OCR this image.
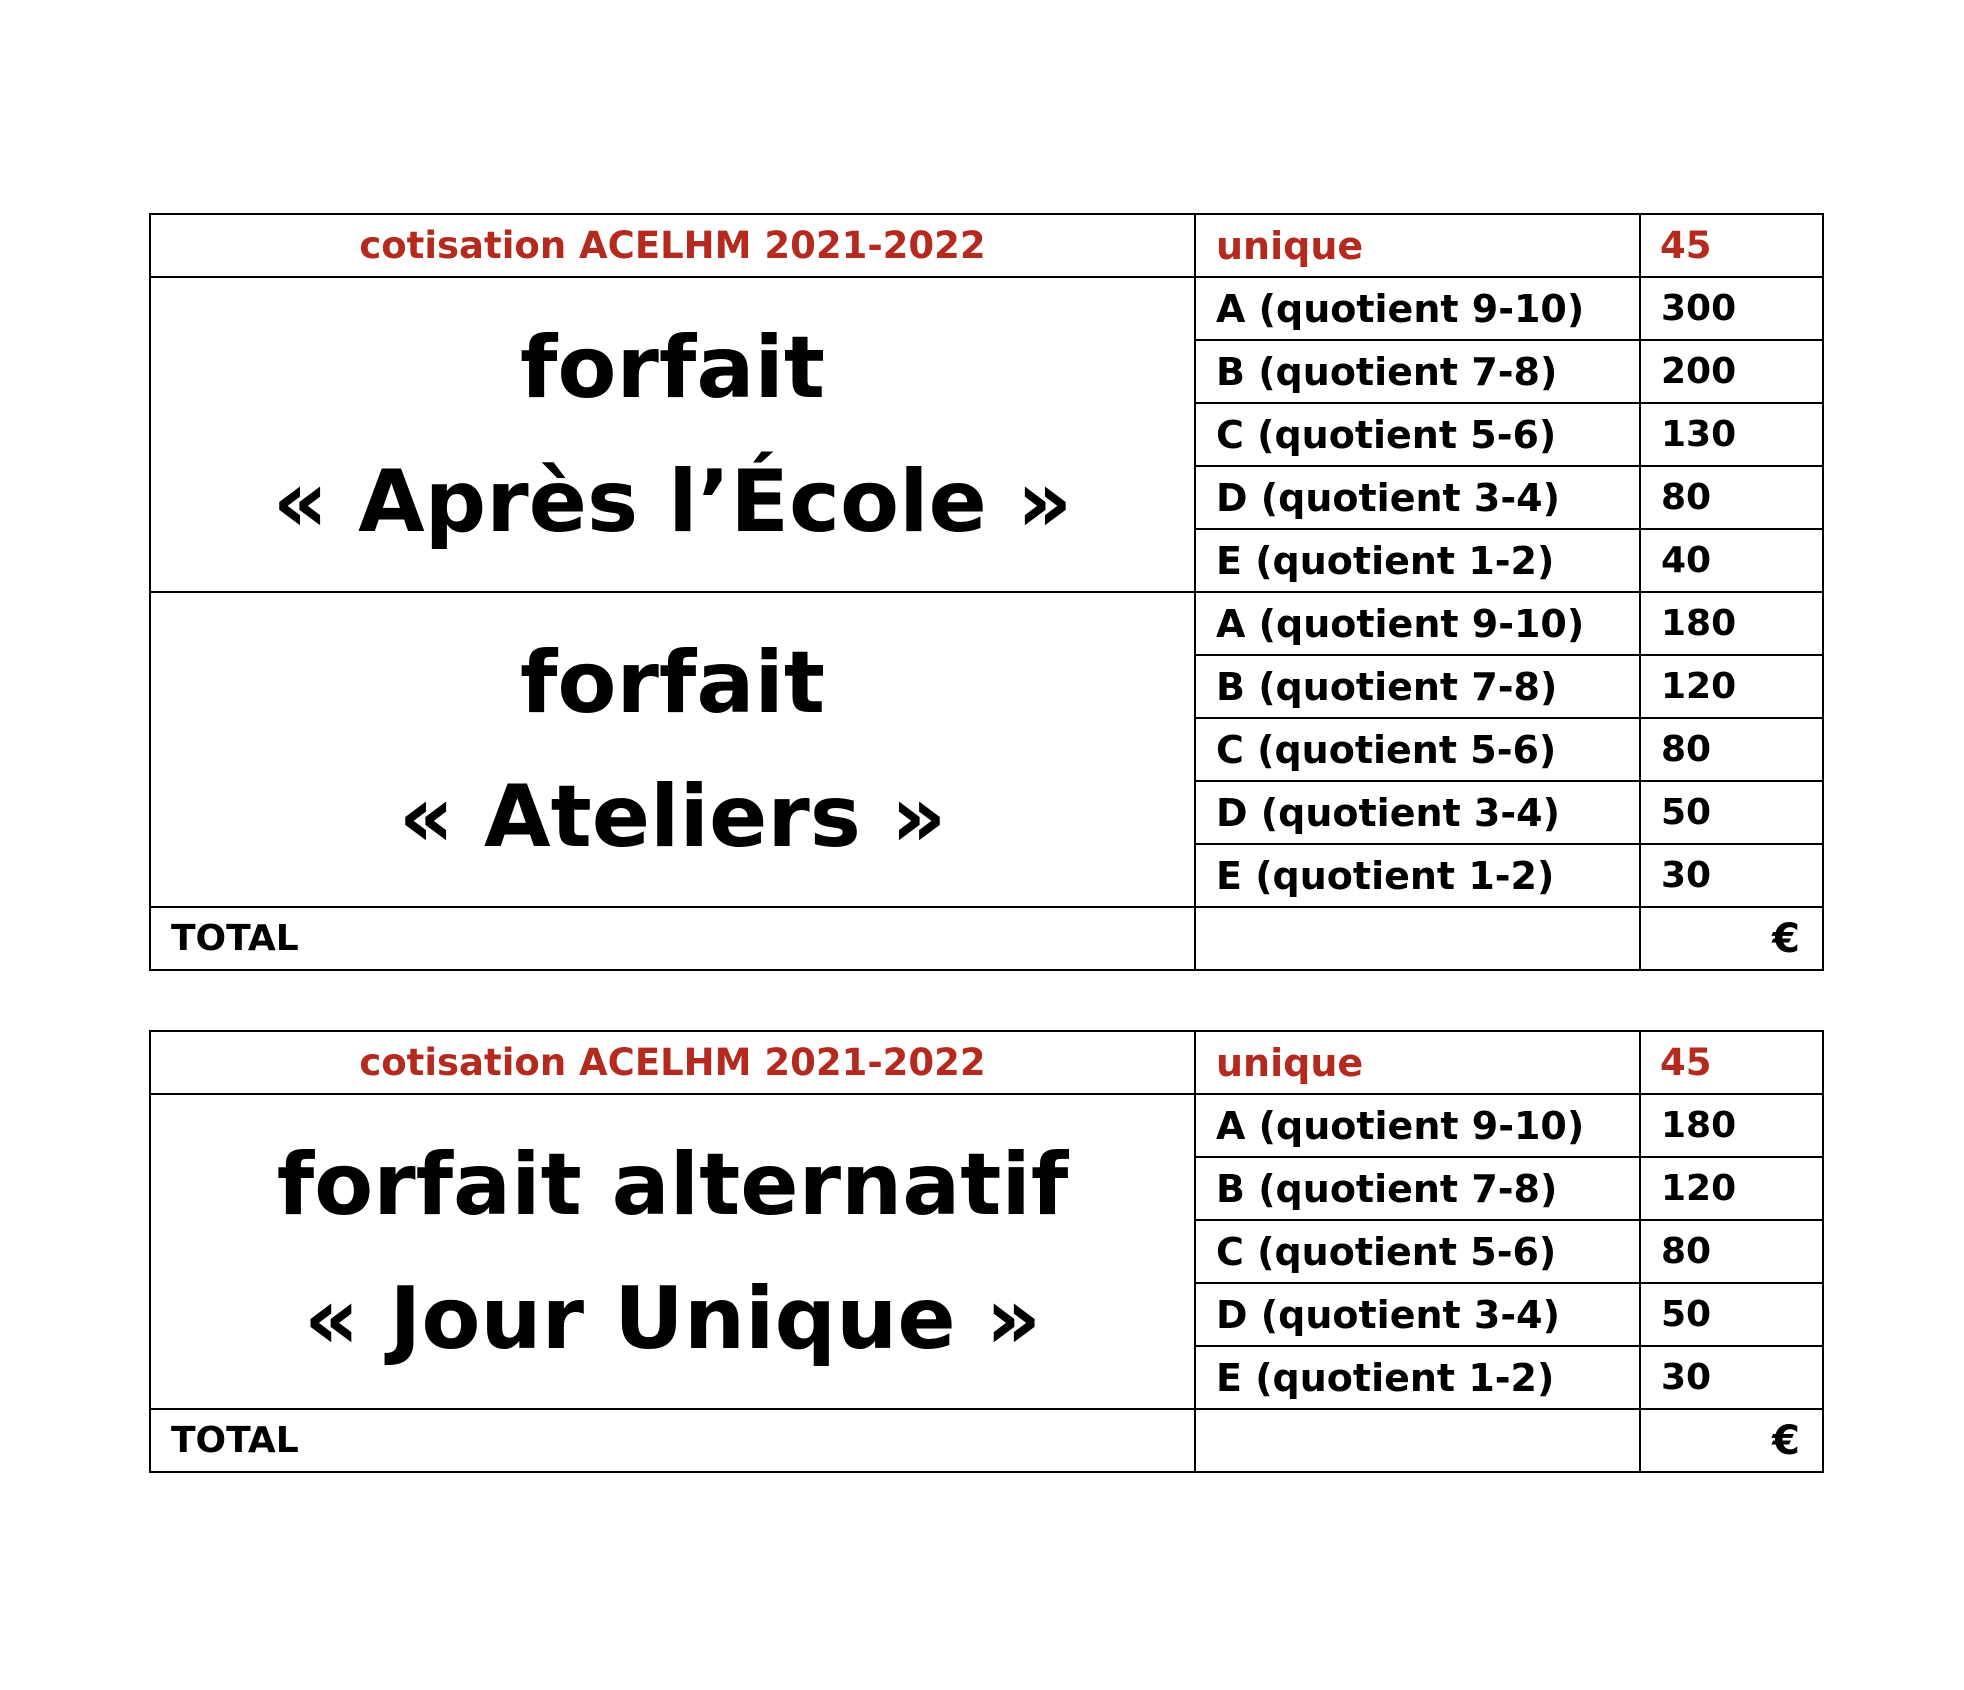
cotisation ACELHM 2021-2022	unique	45

forfait
« Après l’École »	A (quotient 9-10)	300
	B (quotient 7-8)	200
	C (quotient 5-6)	130
	D (quotient 3-4)	80
	E (quotient 1-2)	40

forfait
« Ateliers »	A (quotient 9-10)	180
	B (quotient 7-8)	120
	C (quotient 5-6)	80
	D (quotient 3-4)	50
	E (quotient 1-2)	30
TOTAL		€
cotisation ACELHM 2021-2022	unique	45

forfait alternatif
« Jour Unique »	A (quotient 9-10)	180
	B (quotient 7-8)	120
	C (quotient 5-6)	80
	D (quotient 3-4)	50
	E (quotient 1-2)	30
TOTAL		€
